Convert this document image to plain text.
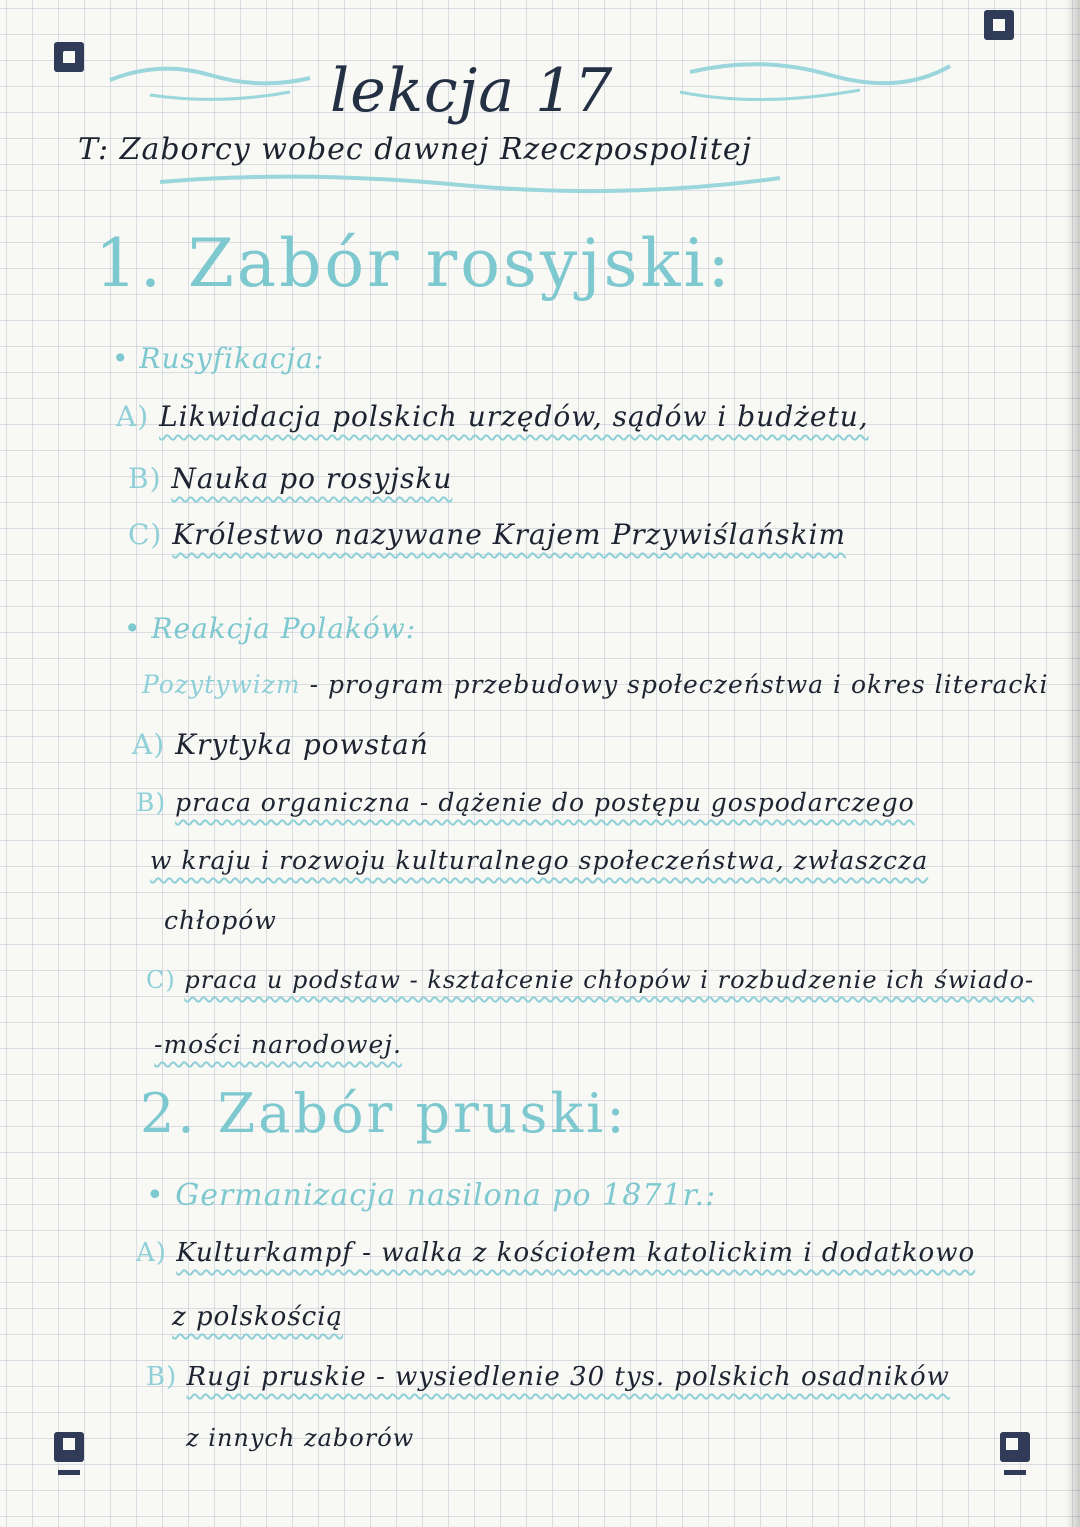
lekcja 17
T: Zaborcy wobec dawnej Rzeczpospolitej
1. Zabór rosyjski:
• Rusyfikacja:
A) Likwidacja polskich urzędów, sądów i budżetu,
B) Nauka po rosyjsku
C) Królestwo nazywane Krajem Przywiślańskim
• Reakcja Polaków:
Pozytywizm - program przebudowy społeczeństwa i okres literacki
A) Krytyka powstań
B) praca organiczna - dążenie do postępu gospodarczego
w kraju i rozwoju kulturalnego społeczeństwa, zwłaszcza
chłopów
C) praca u podstaw - kształcenie chłopów i rozbudzenie ich świado-
-mości narodowej.
2. Zabór pruski:
• Germanizacja nasilona po 1871r.:
A) Kulturkampf - walka z kościołem katolickim i dodatkowo
z polskością
B) Rugi pruskie - wysiedlenie 30 tys. polskich osadników
z innych zaborów
